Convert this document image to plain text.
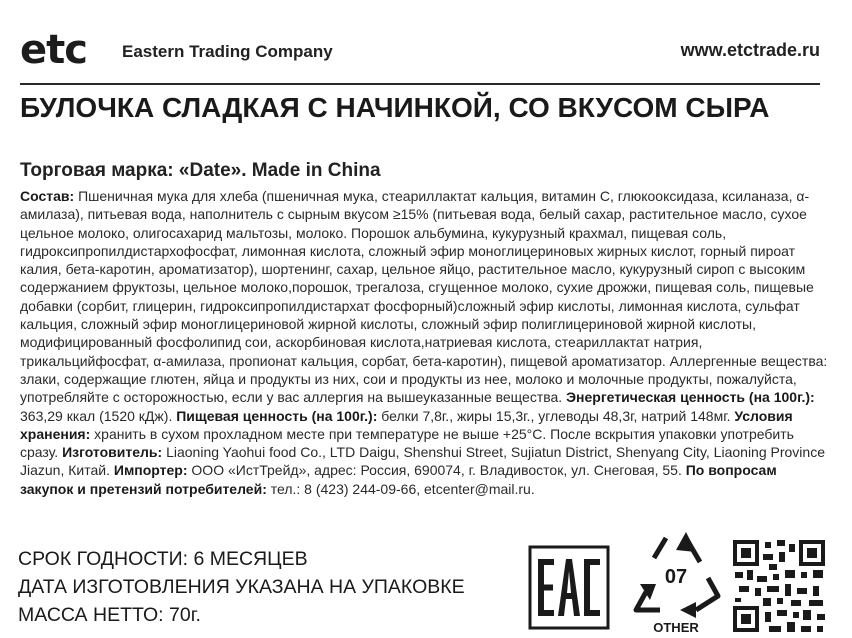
etc Eastern Trading Company	www.etctrade.ru
БУЛОЧКА СЛАДКАЯ С НАЧИНКОЙ, СО ВКУСОМ СЫРА
Торговая марка: «Date». Made in China
Состав: Пшеничная мука для хлеба (пшеничная мука, стеариллактат кальция, витамин С, глюкооксидаза, ксиланаза, α-амилаза), питьевая вода, наполнитель с сырным вкусом ≥15% (питьевая вода, белый сахар, растительное масло, сухое цельное молоко, олигосахарид мальтозы, молоко. Порошок альбумина, кукурузный крахмал, пищевая соль, гидроксипропилдистархофосфат, лимонная кислота, сложный эфир моноглицериновых жирных кислот, горный пироат калия, бета-каротин, ароматизатор), шортенинг, сахар, цельное яйцо, растительное масло, кукурузный сироп с высоким содержанием фруктозы, цельное молоко,порошок, трегалоза, сгущенное молоко, сухие дрожжи, пищевая соль, пищевые добавки (сорбит, глицерин, гидроксипропилдистархат фосфорный)сложный эфир кислоты, лимонная кислота, сульфат кальция, сложный эфир моноглицериновой жирной кислоты, сложный эфир полиглицериновой жирной кислоты, модифицированный фосфолипид сои, аскорбиновая кислота,натриевая кислота, стеариллактат натрия, трикальцийфосфат, α-амилаза, пропионат кальция, сорбат, бета-каротин), пищевой ароматизатор. Аллергенные вещества: злаки, содержащие глютен, яйца и продукты из них, сои и продукты из нее, молоко и молочные продукты, пожалуйста, употребляйте с осторожностью, если у вас аллергия на вышеуказанные вещества. Энергетическая ценность (на 100г.): 363,29 ккал (1520 кДж). Пищевая ценность (на 100г.): белки 7,8г., жиры 15,3г., углеводы 48,3г, натрий 148мг. Условия хранения: хранить в сухом прохладном месте при температуре не выше +25°С. После вскрытия упаковки употребить сразу. Изготовитель: Liaoning Yaohui food Co., LTD Daigu, Shenshui Street, Sujiatun District, Shenyang City, Liaoning Province Jiazun, Китай. Импортер: ООО «ИстТрейд», адрес: Россия, 690074, г. Владивосток, ул. Снеговая, 55. По вопросам закупок и претензий потребителей: тел.: 8 (423) 244-09-66, etcenter@mail.ru.
СРОК ГОДНОСТИ: 6 МЕСЯЦЕВ
ДАТА ИЗГОТОВЛЕНИЯ УКАЗАНА НА УПАКОВКЕ
МАССА НЕТТО: 70г.
07
OTHER
